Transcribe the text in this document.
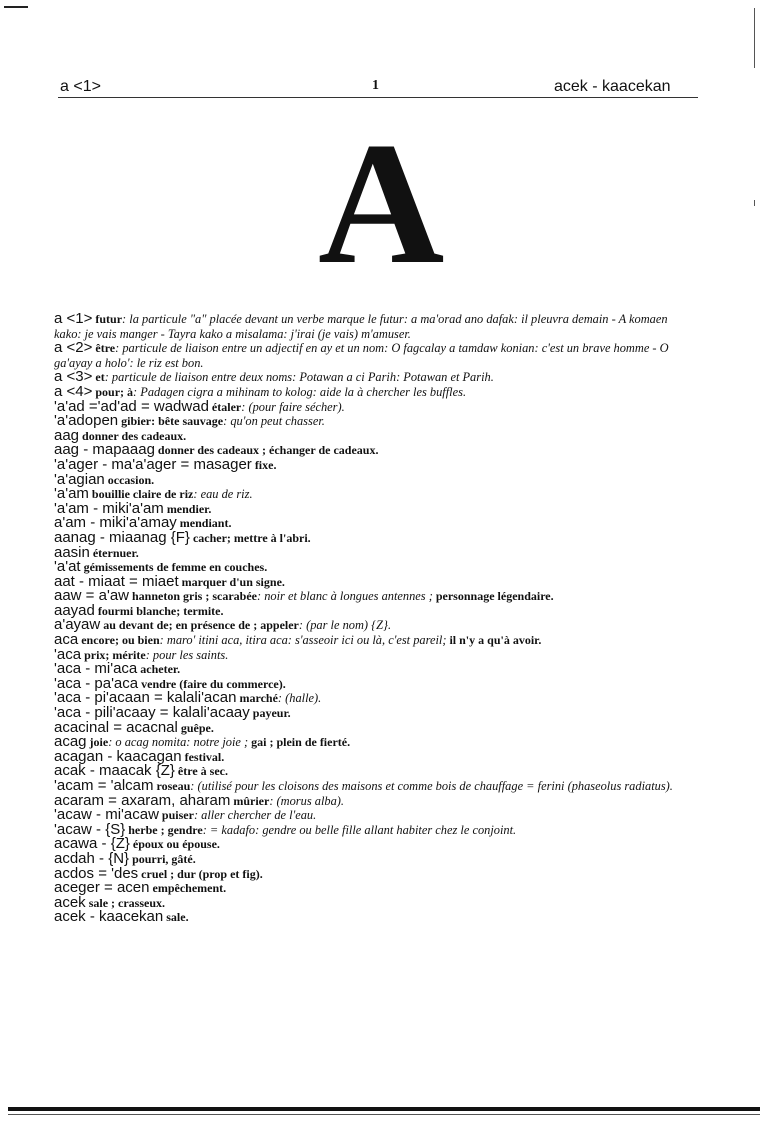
a <1>	1	acek - kaacekan
A
a <1> futur: la particule "a" placée devant un verbe marque le futur: a ma'orad ano dafak: il pleuvra demain - A komaen kako: je vais manger - Tayra kako a misalama: j'irai (je vais) m'amuser.
a <2> être: particule de liaison entre un adjectif en ay et un nom: O fagcalay a tamdaw konian: c'est un brave homme - O ga'ayay a holo': le riz est bon.
a <3> et: particule de liaison entre deux noms: Potawan a ci Parih: Potawan et Parih.
a <4> pour; à: Padagen cigra a mihinam to kolog: aide la à chercher les buffles.
'a'ad ='ad'ad = wadwad étaler: (pour faire sécher).
'a'adopen gibier: bête sauvage: qu'on peut chasser.
aag donner des cadeaux.
aag - mapaaag donner des cadeaux ; échanger de cadeaux.
'a'ager - ma'a'ager = masager fixe.
'a'agian occasion.
'a'am bouillie claire de riz: eau de riz.
'a'am - miki'a'am mendier.
a'am - miki'a'amay mendiant.
aanag - miaanag {F} cacher; mettre à l'abri.
aasin éternuer.
'a'at gémissements de femme en couches.
aat - miaat = miaet marquer d'un signe.
aaw = a'aw hanneton gris ; scarabée: noir et blanc à longues antennes ; personnage légendaire.
aayad fourmi blanche; termite.
a'ayaw au devant de; en présence de ; appeler: (par le nom) {Z}.
aca encore; ou bien: maro' itini aca, itira aca: s'asseoir ici ou là, c'est pareil; il n'y a qu'à avoir.
'aca prix; mérite: pour les saints.
'aca - mi'aca acheter.
'aca - pa'aca vendre (faire du commerce).
'aca - pi'acaan = kalali'acan marché: (halle).
'aca - pili'acaay = kalali'acaay payeur.
acacinal = acacnal guêpe.
acag joie: o acag nomita: notre joie ; gai ; plein de fierté.
acagan - kaacagan festival.
acak - maacak {Z} être à sec.
'acam = 'alcam roseau: (utilisé pour les cloisons des maisons et comme bois de chauffage = ferini (phaseolus radiatus).
acaram = axaram, aharam mûrier: (morus alba).
'acaw - mi'acaw puiser: aller chercher de l'eau.
'acaw - {S} herbe ; gendre: = kadafo: gendre ou belle fille allant habiter chez le conjoint.
acawa - {Z} époux ou épouse.
acdah - {N} pourri, gâté.
acdos = 'des cruel ; dur (prop et fig).
aceger = acen empêchement.
acek sale ; crasseux.
acek - kaacekan sale.
